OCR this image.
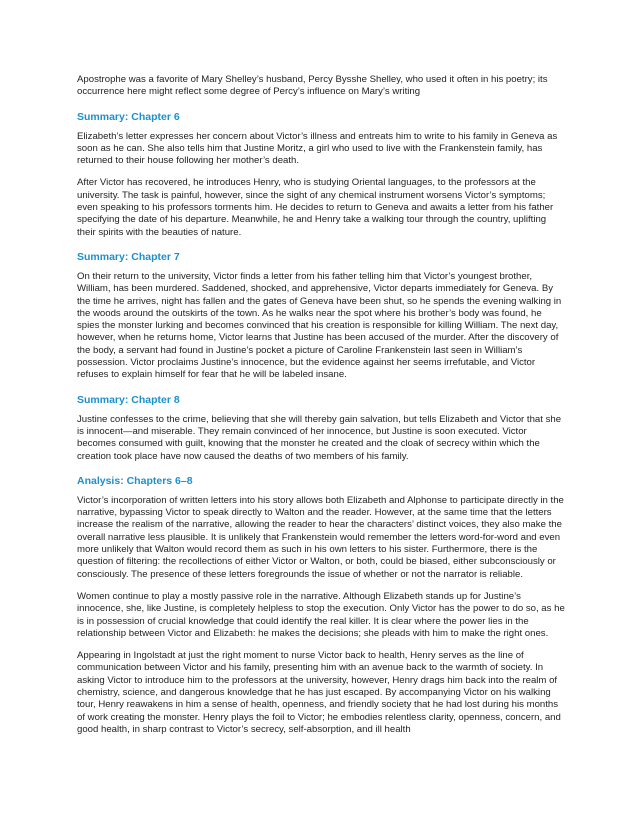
Apostrophe was a favorite of Mary Shelley’s husband, Percy Bysshe Shelley, who used it often in his poetry; its occurrence here might reflect some degree of Percy’s influence on Mary’s writing

Summary: Chapter 6

Elizabeth’s letter expresses her concern about Victor’s illness and entreats him to write to his family in Geneva as soon as he can. She also tells him that Justine Moritz, a girl who used to live with the Frankenstein family, has returned to their house following her mother’s death.

After Victor has recovered, he introduces Henry, who is studying Oriental languages, to the professors at the university. The task is painful, however, since the sight of any chemical instrument worsens Victor’s symptoms; even speaking to his professors torments him. He decides to return to Geneva and awaits a letter from his father specifying the date of his departure. Meanwhile, he and Henry take a walking tour through the country, uplifting their spirits with the beauties of nature.

Summary: Chapter 7

On their return to the university, Victor finds a letter from his father telling him that Victor’s youngest brother, William, has been murdered. Saddened, shocked, and apprehensive, Victor departs immediately for Geneva. By the time he arrives, night has fallen and the gates of Geneva have been shut, so he spends the evening walking in the woods around the outskirts of the town. As he walks near the spot where his brother’s body was found, he spies the monster lurking and becomes convinced that his creation is responsible for killing William. The next day, however, when he returns home, Victor learns that Justine has been accused of the murder. After the discovery of the body, a servant had found in Justine’s pocket a picture of Caroline Frankenstein last seen in William’s possession. Victor proclaims Justine’s innocence, but the evidence against her seems irrefutable, and Victor refuses to explain himself for fear that he will be labeled insane.

Summary: Chapter 8

Justine confesses to the crime, believing that she will thereby gain salvation, but tells Elizabeth and Victor that she is innocent—and miserable. They remain convinced of her innocence, but Justine is soon executed. Victor becomes consumed with guilt, knowing that the monster he created and the cloak of secrecy within which the creation took place have now caused the deaths of two members of his family.

Analysis: Chapters 6–8

Victor’s incorporation of written letters into his story allows both Elizabeth and Alphonse to participate directly in the narrative, bypassing Victor to speak directly to Walton and the reader. However, at the same time that the letters increase the realism of the narrative, allowing the reader to hear the characters’ distinct voices, they also make the overall narrative less plausible. It is unlikely that Frankenstein would remember the letters word-for-word and even more unlikely that Walton would record them as such in his own letters to his sister. Furthermore, there is the question of filtering: the recollections of either Victor or Walton, or both, could be biased, either subconsciously or consciously. The presence of these letters foregrounds the issue of whether or not the narrator is reliable.

Women continue to play a mostly passive role in the narrative. Although Elizabeth stands up for Justine’s innocence, she, like Justine, is completely helpless to stop the execution. Only Victor has the power to do so, as he is in possession of crucial knowledge that could identify the real killer. It is clear where the power lies in the relationship between Victor and Elizabeth: he makes the decisions; she pleads with him to make the right ones.

Appearing in Ingolstadt at just the right moment to nurse Victor back to health, Henry serves as the line of communication between Victor and his family, presenting him with an avenue back to the warmth of society. In asking Victor to introduce him to the professors at the university, however, Henry drags him back into the realm of chemistry, science, and dangerous knowledge that he has just escaped. By accompanying Victor on his walking tour, Henry reawakens in him a sense of health, openness, and friendly society that he had lost during his months of work creating the monster. Henry plays the foil to Victor; he embodies relentless clarity, openness, concern, and good health, in sharp contrast to Victor’s secrecy, self-absorption, and ill health
